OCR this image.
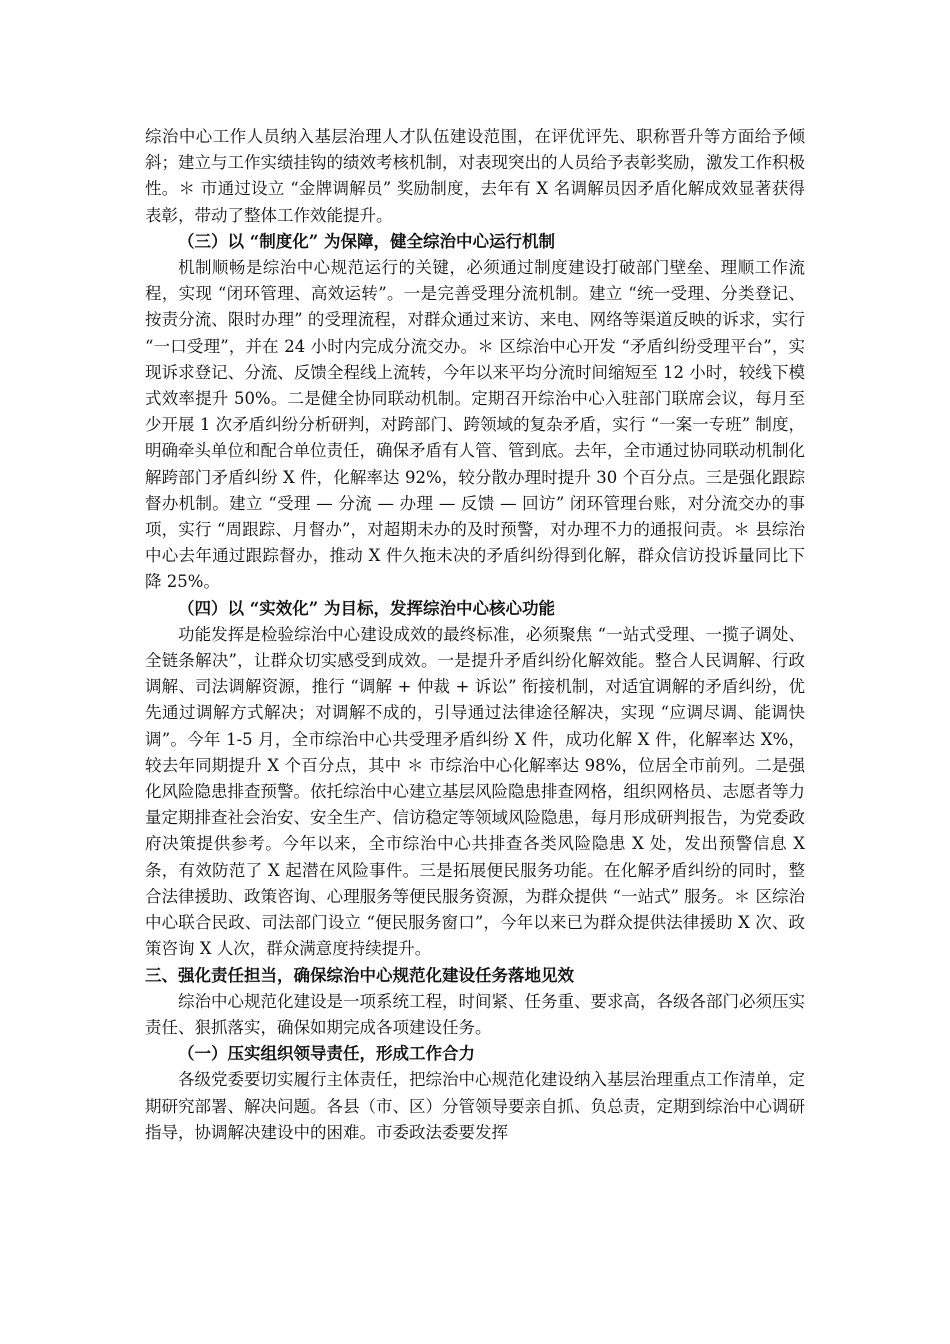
综治中心工作人员纳入基层治理人才队伍建设范围，在评优评先、职称晋升等方面给予倾斜；建立与工作实绩挂钩的绩效考核机制，对表现突出的人员给予表彰奖励，激发工作积极性。＊ 市通过设立 “金牌调解员” 奖励制度，去年有 X 名调解员因矛盾化解成效显著获得表彰，带动了整体工作效能提升。

（三）以 “制度化” 为保障，健全综治中心运行机制

机制顺畅是综治中心规范运行的关键，必须通过制度建设打破部门壁垒、理顺工作流程，实现 “闭环管理、高效运转”。一是完善受理分流机制。建立 “统一受理、分类登记、按责分流、限时办理” 的受理流程，对群众通过来访、来电、网络等渠道反映的诉求，实行 “一口受理”，并在 24 小时内完成分流交办。＊ 区综治中心开发 “矛盾纠纷受理平台”，实现诉求登记、分流、反馈全程线上流转，今年以来平均分流时间缩短至 12 小时，较线下模式效率提升 50%。二是健全协同联动机制。定期召开综治中心入驻部门联席会议，每月至少开展 1 次矛盾纠纷分析研判，对跨部门、跨领域的复杂矛盾，实行 “一案一专班” 制度，明确牵头单位和配合单位责任，确保矛盾有人管、管到底。去年，全市通过协同联动机制化解跨部门矛盾纠纷 X 件，化解率达 92%，较分散办理时提升 30 个百分点。三是强化跟踪督办机制。建立 “受理 — 分流 — 办理 — 反馈 — 回访” 闭环管理台账，对分流交办的事项，实行 “周跟踪、月督办”，对超期未办的及时预警，对办理不力的通报问责。＊ 县综治中心去年通过跟踪督办，推动 X 件久拖未决的矛盾纠纷得到化解，群众信访投诉量同比下降 25%。

（四）以 “实效化” 为目标，发挥综治中心核心功能

功能发挥是检验综治中心建设成效的最终标准，必须聚焦 “一站式受理、一揽子调处、全链条解决”，让群众切实感受到成效。一是提升矛盾纠纷化解效能。整合人民调解、行政调解、司法调解资源，推行 “调解 + 仲裁 + 诉讼” 衔接机制，对适宜调解的矛盾纠纷，优先通过调解方式解决；对调解不成的，引导通过法律途径解决，实现 “应调尽调、能调快调”。今年 1-5 月，全市综治中心共受理矛盾纠纷 X 件，成功化解 X 件，化解率达 X%，较去年同期提升 X 个百分点，其中 ＊ 市综治中心化解率达 98%，位居全市前列。二是强化风险隐患排查预警。依托综治中心建立基层风险隐患排查网格，组织网格员、志愿者等力量定期排查社会治安、安全生产、信访稳定等领域风险隐患，每月形成研判报告，为党委政府决策提供参考。今年以来，全市综治中心共排查各类风险隐患 X 处，发出预警信息 X 条，有效防范了 X 起潜在风险事件。三是拓展便民服务功能。在化解矛盾纠纷的同时，整合法律援助、政策咨询、心理服务等便民服务资源，为群众提供 “一站式” 服务。＊ 区综治中心联合民政、司法部门设立 “便民服务窗口”，今年以来已为群众提供法律援助 X 次、政策咨询 X 人次，群众满意度持续提升。

三、强化责任担当，确保综治中心规范化建设任务落地见效

综治中心规范化建设是一项系统工程，时间紧、任务重、要求高，各级各部门必须压实责任、狠抓落实，确保如期完成各项建设任务。

（一）压实组织领导责任，形成工作合力

各级党委要切实履行主体责任，把综治中心规范化建设纳入基层治理重点工作清单，定期研究部署、解决问题。各县（市、区）分管领导要亲自抓、负总责，定期到综治中心调研指导，协调解决建设中的困难。市委政法委要发挥
